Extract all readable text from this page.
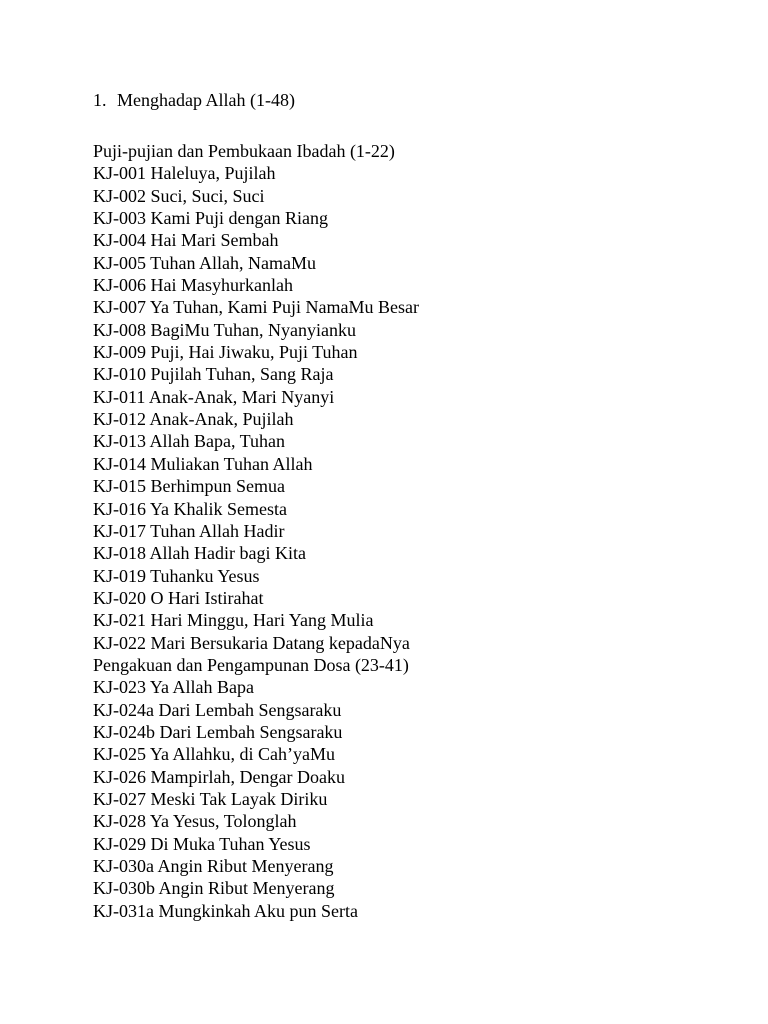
1. Menghadap Allah (1-48)
Puji-pujian dan Pembukaan Ibadah (1-22)
KJ-001 Haleluya, Pujilah
KJ-002 Suci, Suci, Suci
KJ-003 Kami Puji dengan Riang
KJ-004 Hai Mari Sembah
KJ-005 Tuhan Allah, NamaMu
KJ-006 Hai Masyhurkanlah
KJ-007 Ya Tuhan, Kami Puji NamaMu Besar
KJ-008 BagiMu Tuhan, Nyanyianku
KJ-009 Puji, Hai Jiwaku, Puji Tuhan
KJ-010 Pujilah Tuhan, Sang Raja
KJ-011 Anak-Anak, Mari Nyanyi
KJ-012 Anak-Anak, Pujilah
KJ-013 Allah Bapa, Tuhan
KJ-014 Muliakan Tuhan Allah
KJ-015 Berhimpun Semua
KJ-016 Ya Khalik Semesta
KJ-017 Tuhan Allah Hadir
KJ-018 Allah Hadir bagi Kita
KJ-019 Tuhanku Yesus
KJ-020 O Hari Istirahat
KJ-021 Hari Minggu, Hari Yang Mulia
KJ-022 Mari Bersukaria Datang kepadaNya
Pengakuan dan Pengampunan Dosa (23-41)
KJ-023 Ya Allah Bapa
KJ-024a Dari Lembah Sengsaraku
KJ-024b Dari Lembah Sengsaraku
KJ-025 Ya Allahku, di Cah’yaMu
KJ-026 Mampirlah, Dengar Doaku
KJ-027 Meski Tak Layak Diriku
KJ-028 Ya Yesus, Tolonglah
KJ-029 Di Muka Tuhan Yesus
KJ-030a Angin Ribut Menyerang
KJ-030b Angin Ribut Menyerang
KJ-031a Mungkinkah Aku pun Serta
